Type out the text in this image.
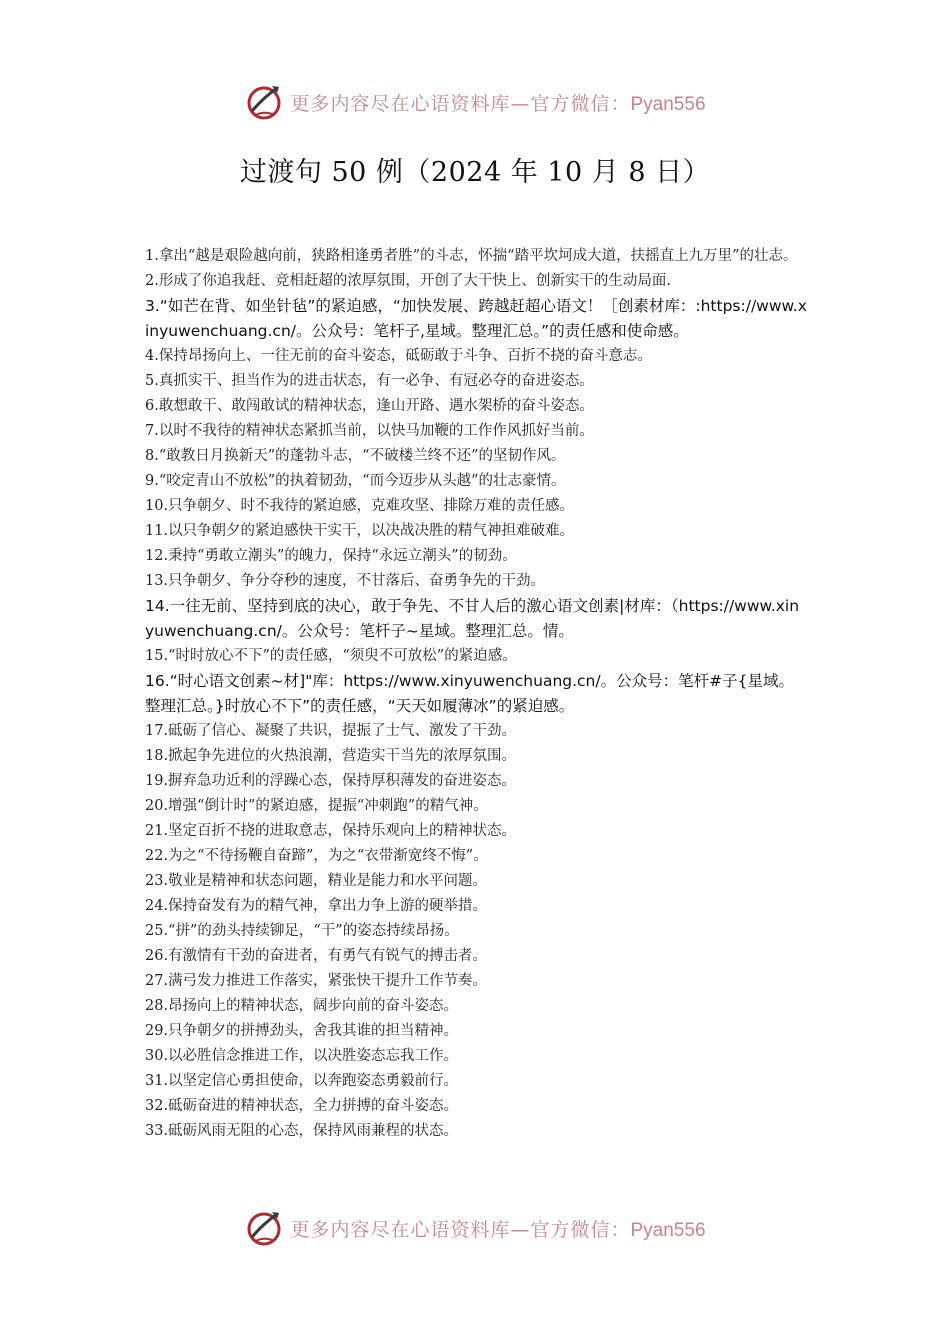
更多内容尽在心语资料库—官方微信：Pyan556
过渡句 50 例（2024 年 10 月 8 日）

1.拿出“越是艰险越向前，狭路相逢勇者胜”的斗志，怀揣“踏平坎坷成大道，扶摇直上九万里”的壮志。

2.形成了你追我赶、竞相赶超的浓厚氛围，开创了大干快上、创新实干的生动局面.

3.“如芒在背、如坐针毡”的紧迫感，“加快发展、跨越赶超心语文！［创素材库：:https://www.xinyuwenchuang.cn/。公众号：笔杆子,星域。整理汇总。”的责任感和使命感。

4.保持昂扬向上、一往无前的奋斗姿态，砥砺敢于斗争、百折不挠的奋斗意志。

5.真抓实干、担当作为的进击状态，有一必争、有冠必夺的奋进姿态。

6.敢想敢干、敢闯敢试的精神状态，逢山开路、遇水架桥的奋斗姿态。

7.以时不我待的精神状态紧抓当前，以快马加鞭的工作作风抓好当前。

8.“敢教日月换新天”的蓬勃斗志，“不破楼兰终不还”的坚韧作风。

9.“咬定青山不放松”的执着韧劲，“而今迈步从头越”的壮志豪情。

10.只争朝夕、时不我待的紧迫感，克难攻坚、排除万难的责任感。

11.以只争朝夕的紧迫感快干实干，以决战决胜的精气神担难破难。

12.秉持“勇敢立潮头”的魄力，保持“永远立潮头”的韧劲。

13.只争朝夕、争分夺秒的速度，不甘落后、奋勇争先的干劲。

14.一往无前、坚持到底的决心，敢于争先、不甘人后的激心语文创素|材库：（https://www.xinyuwenchuang.cn/。公众号：笔杆子~星域。整理汇总。情。

15.“时时放心不下”的责任感，“须臾不可放松”的紧迫感。

16.“时心语文创素~材]"库：https://www.xinyuwenchuang.cn/。公众号：笔杆#子{星域。整理汇总。}时放心不下”的责任感，“天天如履薄冰”的紧迫感。

17.砥砺了信心、凝聚了共识，提振了士气、激发了干劲。

18.掀起争先进位的火热浪潮，营造实干当先的浓厚氛围。

19.摒弃急功近利的浮躁心态，保持厚积薄发的奋进姿态。

20.增强“倒计时”的紧迫感，提振“冲刺跑”的精气神。

21.坚定百折不挠的进取意志，保持乐观向上的精神状态。

22.为之“不待扬鞭自奋蹄”，为之“衣带渐宽终不悔”。

23.敬业是精神和状态问题，精业是能力和水平问题。

24.保持奋发有为的精气神，拿出力争上游的硬举措。

25.“拼”的劲头持续铆足，“干”的姿态持续昂扬。

26.有激情有干劲的奋进者，有勇气有锐气的搏击者。

27.满弓发力推进工作落实，紧张快干提升工作节奏。

28.昂扬向上的精神状态，阔步向前的奋斗姿态。

29.只争朝夕的拼搏劲头，舍我其谁的担当精神。

30.以必胜信念推进工作，以决胜姿态忘我工作。

31.以坚定信心勇担使命，以奔跑姿态勇毅前行。

32.砥砺奋进的精神状态，全力拼搏的奋斗姿态。

33.砥砺风雨无阻的心态，保持风雨兼程的状态。

更多内容尽在心语资料库—官方微信：Pyan556
